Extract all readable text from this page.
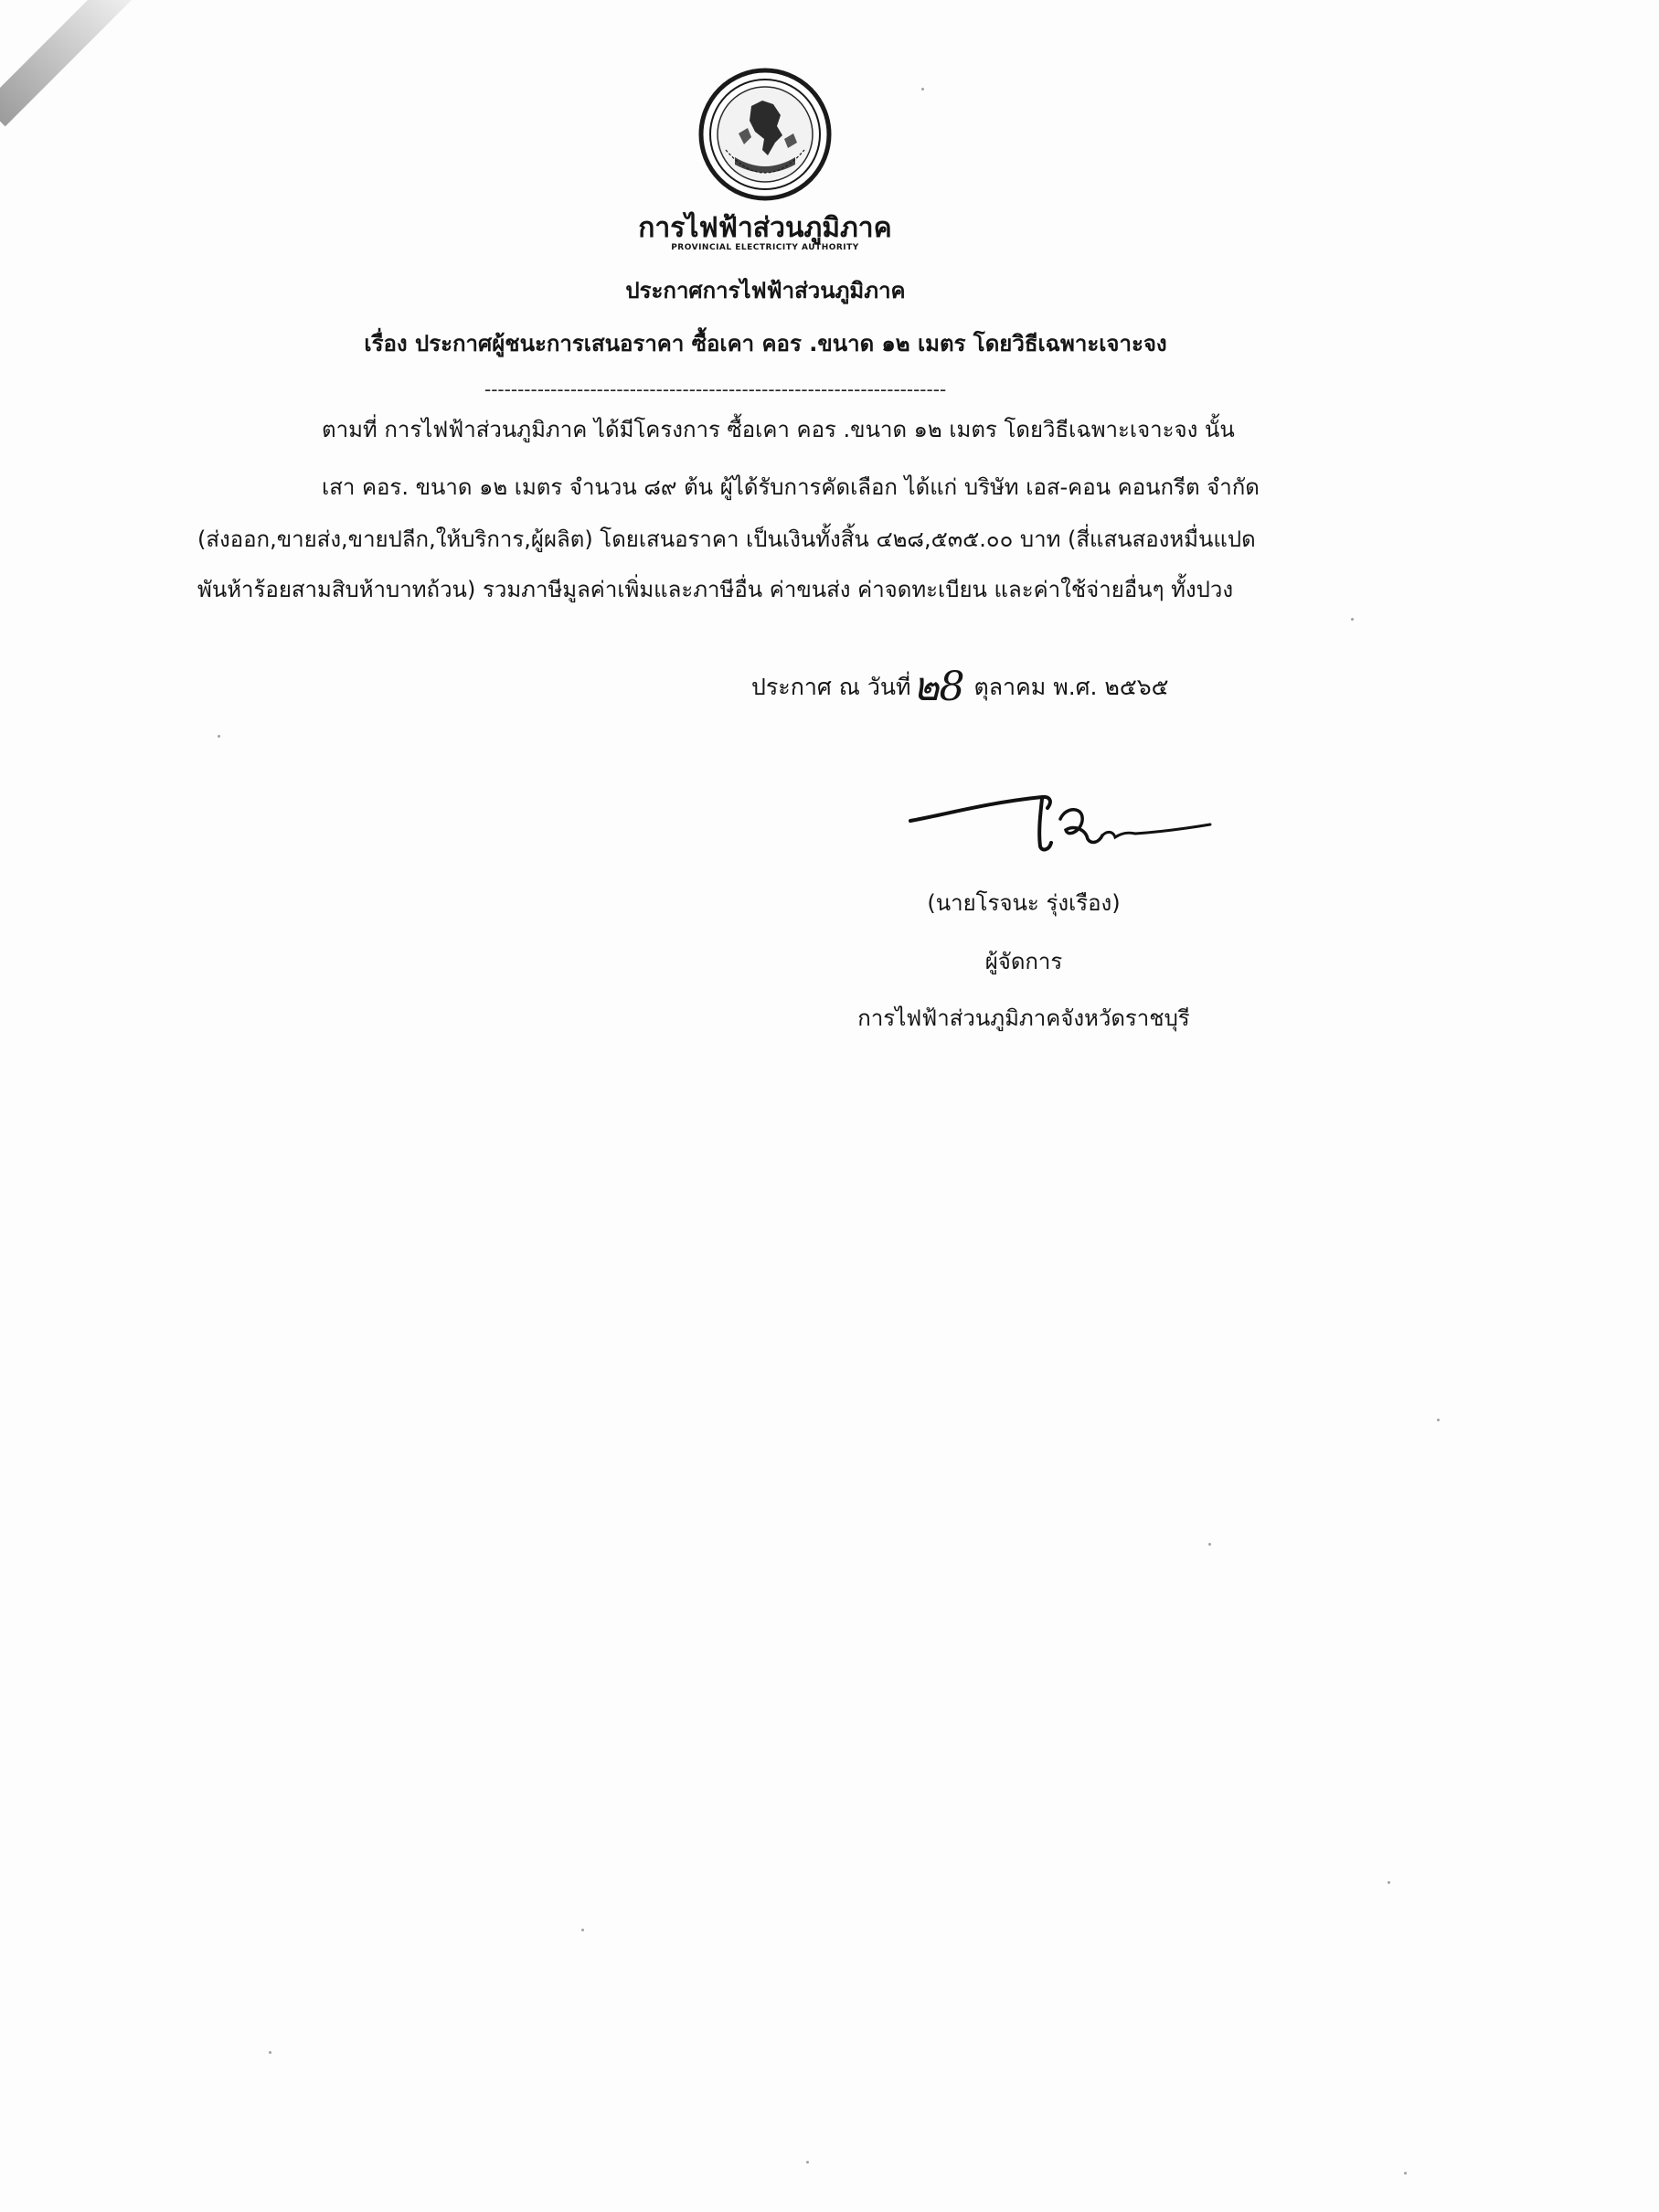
การไฟฟ้าส่วนภูมิภาค
PROVINCIAL ELECTRICITY AUTHORITY
ประกาศการไฟฟ้าส่วนภูมิภาค
เรื่อง ประกาศผู้ชนะการเสนอราคา ซื้อเคา คอร .ขนาด ๑๒ เมตร โดยวิธีเฉพาะเจาะจง
----------------------------------------------------------------------
ตามที่ การไฟฟ้าส่วนภูมิภาค ได้มีโครงการ ซื้อเคา คอร .ขนาด ๑๒ เมตร โดยวิธีเฉพาะเจาะจง นั้น
เสา คอร. ขนาด ๑๒ เมตร จำนวน ๘๙ ต้น ผู้ได้รับการคัดเลือก ได้แก่ บริษัท เอส-คอน คอนกรีต จำกัด
(ส่งออก,ขายส่ง,ขายปลีก,ให้บริการ,ผู้ผลิต) โดยเสนอราคา เป็นเงินทั้งสิ้น ๔๒๘,๕๓๕.๐๐ บาท (สี่แสนสองหมื่นแปด
พันห้าร้อยสามสิบห้าบาทถ้วน) รวมภาษีมูลค่าเพิ่มและภาษีอื่น ค่าขนส่ง ค่าจดทะเบียน และค่าใช้จ่ายอื่นๆ ทั้งปวง
ประกาศ ณ วันที่๒8 ตุลาคม พ.ศ. ๒๕๖๕
(นายโรจนะ รุ่งเรือง)
ผู้จัดการ
การไฟฟ้าส่วนภูมิภาคจังหวัดราชบุรี
